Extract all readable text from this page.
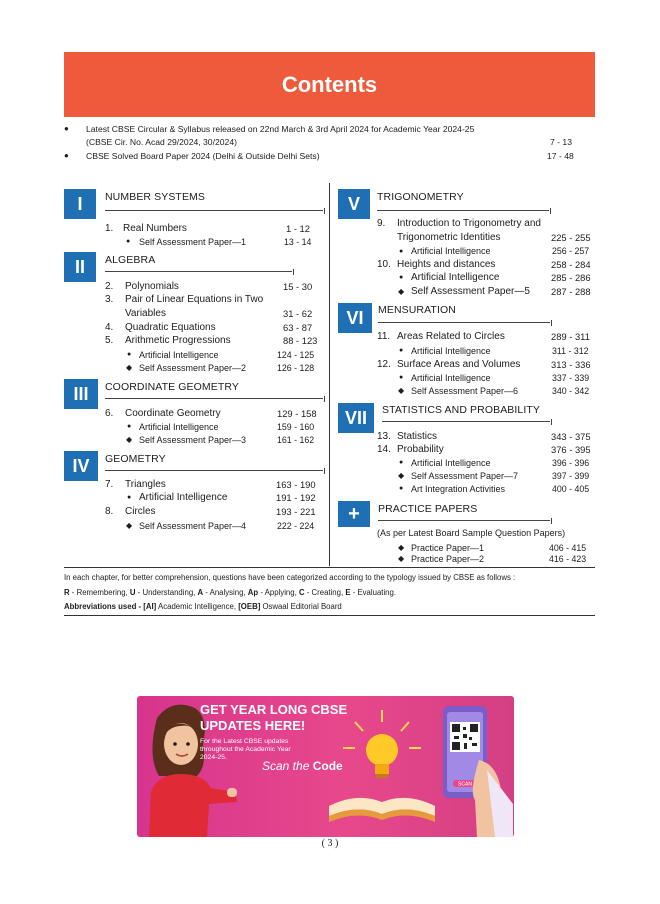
Contents
● Latest CBSE Circular & Syllabus released on 22nd March & 3rd April 2024 for Academic Year 2024-25
(CBSE Cir. No. Acad 29/2024, 30/2024)	7 - 13
● CBSE Solved Board Paper 2024 (Delhi & Outside Delhi Sets)	17 - 48
I	NUMBER SYSTEMS
1. Real Numbers	1 - 12
● Self Assessment Paper—1	13 - 14
II	ALGEBRA
2. Polynomials	15 - 30
3. Pair of Linear Equations in Two
Variables	31 - 62
4. Quadratic Equations	63 - 87
5. Arithmetic Progressions	88 - 123
● Artificial Intelligence	124 - 125
◆ Self Assessment Paper—2	126 - 128
III	COORDINATE GEOMETRY
6. Coordinate Geometry	129 - 158
● Artificial Intelligence	159 - 160
◆ Self Assessment Paper—3	161 - 162
IV	GEOMETRY
7. Triangles	163 - 190
● Artificial Intelligence	191 - 192
8. Circles	193 - 221
◆ Self Assessment Paper—4	222 - 224
V	TRIGONOMETRY
9. Introduction to Trigonometry and
Trigonometric Identities	225 - 255
● Artificial Intelligence	256 - 257
10. Heights and distances	258 - 284
● Artificial Intelligence	285 - 286
◆ Self Assessment Paper—5 287 - 288
VI	MENSURATION
11. Areas Related to Circles	289 - 311
● Artificial Intelligence	311 - 312
12. Surface Areas and Volumes	313 - 336
● Artificial Intelligence	337 - 339
◆ Self Assessment Paper—6	340 - 342
VII	STATISTICS AND PROBABILITY
13. Statistics	343 - 375
14. Probability	376 - 395
● Artificial Intelligence	396 - 396
◆ Self Assessment Paper—7	397 - 399
● Art Integration Activities	400 - 405
+	PRACTICE PAPERS
(As per Latest Board Sample Question Papers)
◆ Practice Paper—1	406 - 415
◆ Practice Paper—2	416 - 423
In each chapter, for better comprehension, questions have been categorized according to the typology issued by CBSE as follows :
R - Remembering, U - Understanding, A - Analysing, Ap - Applying, C - Creating, E - Evaluating.
Abbreviations used - [AI] Academic Intelligence, [OEB] Oswaal Editorial Board
GET YEAR LONG CBSE
UPDATES HERE!
For the Latest CBSE updates
throughout the Academic Year
2024-25.
Scan the Code
SCAN
( 3 )
